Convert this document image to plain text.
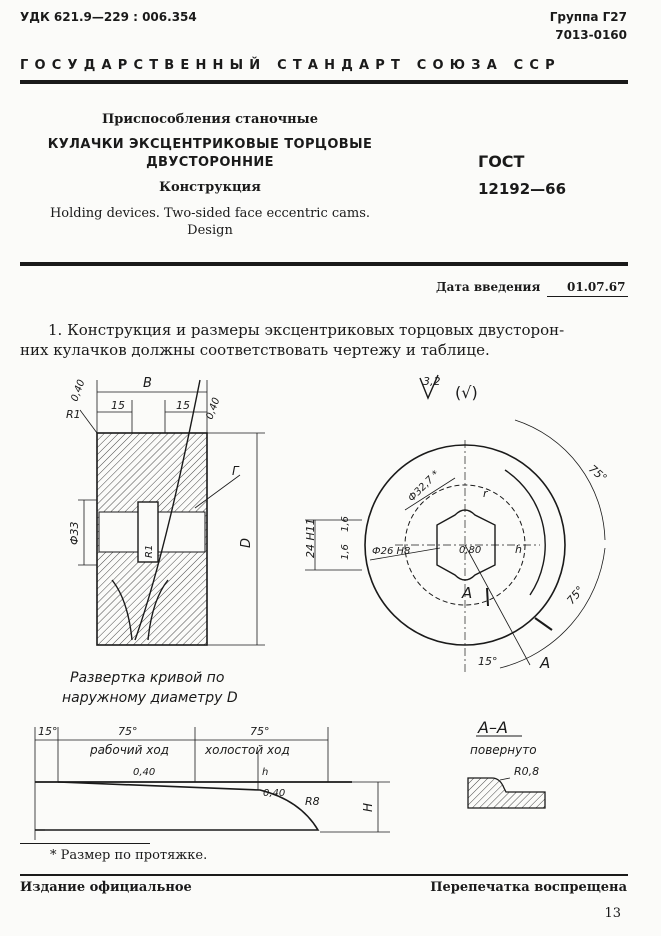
УДК 621.9—229 : 006.354	Группа Г27
7013-0160
ГОСУДАРСТВЕННЫЙ СТАНДАРТ СОЮЗА ССР
Приспособления станочные
КУЛАЧКИ ЭКСЦЕНТРИКОВЫЕ ТОРЦОВЫЕ
ДВУСТОРОННИЕ
Конструкция
Holding devices. Two-sided face eccentric cams.
Design
ГОСТ
12192—66
Дата введения 01.07.67
1. Конструкция и размеры эксцентриковых торцовых двусторон-
них кулачков должны соответствовать чертежу и таблице.
B
15	15
R1
0,40
0,40
Г
Ф33
R1
D
3,2
(√)
75°
75°
15°
Ф32,7 *	r
h
1,6
1,6
24 H11	Ф26 H8	0,80
A
A
Развертка кривой по
наружному диаметру D
15°	75°	75°
рабочий ход	холостой ход
0,40
0,40
h
R8	H
A–A
повернуто
R0,8
* Размер по протяжке.
Издание официальное	Перепечатка воспрещена
13
